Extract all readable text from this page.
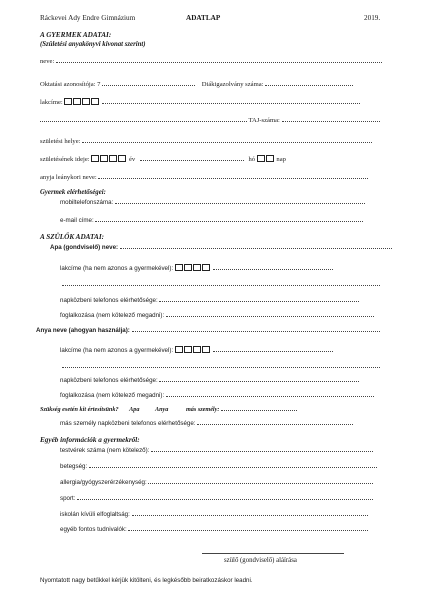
Ráckevei Ady Endre Gimnázium	ADATLAP	2019.
A GYERMEK ADATAI:
(Születési anyakönyvi kivonat szerint)
neve:
Oktatási azonosítója: 7	Diákigazolvány száma:
lakcíme:
TAJ-száma:
születési helye:
születésének ideje:	év	hó	nap
anyja leánykori neve:
Gyermek elérhetőségei:
mobiltelefonszáma:
e-mail címe:
A SZÜLŐK ADATAI:
Apa (gondviselő) neve:
lakcíme (ha nem azonos a gyermekével):
napközbeni telefonos elérhetősége:
foglalkozása (nem kötelező megadni):
Anya neve (ahogyan használja):
lakcíme (ha nem azonos a gyermekével):
napközbeni telefonos elérhetősége:
foglalkozása (nem kötelező megadni):
Szükség esetén kit értesítsünk? Apa	Anya	más személy:
más személy napközbeni telefonos elérhetősége:
Egyéb információk a gyermekről:
testvérek száma (nem kötelező):
betegség:
allergia/gyógyszerérzékenység:
sport:
iskolán kívüli elfoglaltság:
egyéb fontos tudnivalók:
szülő (gondviselő) aláírása
Nyomtatott nagy betűkkel kérjük kitölteni, és legkésőbb beiratkozáskor leadni.
